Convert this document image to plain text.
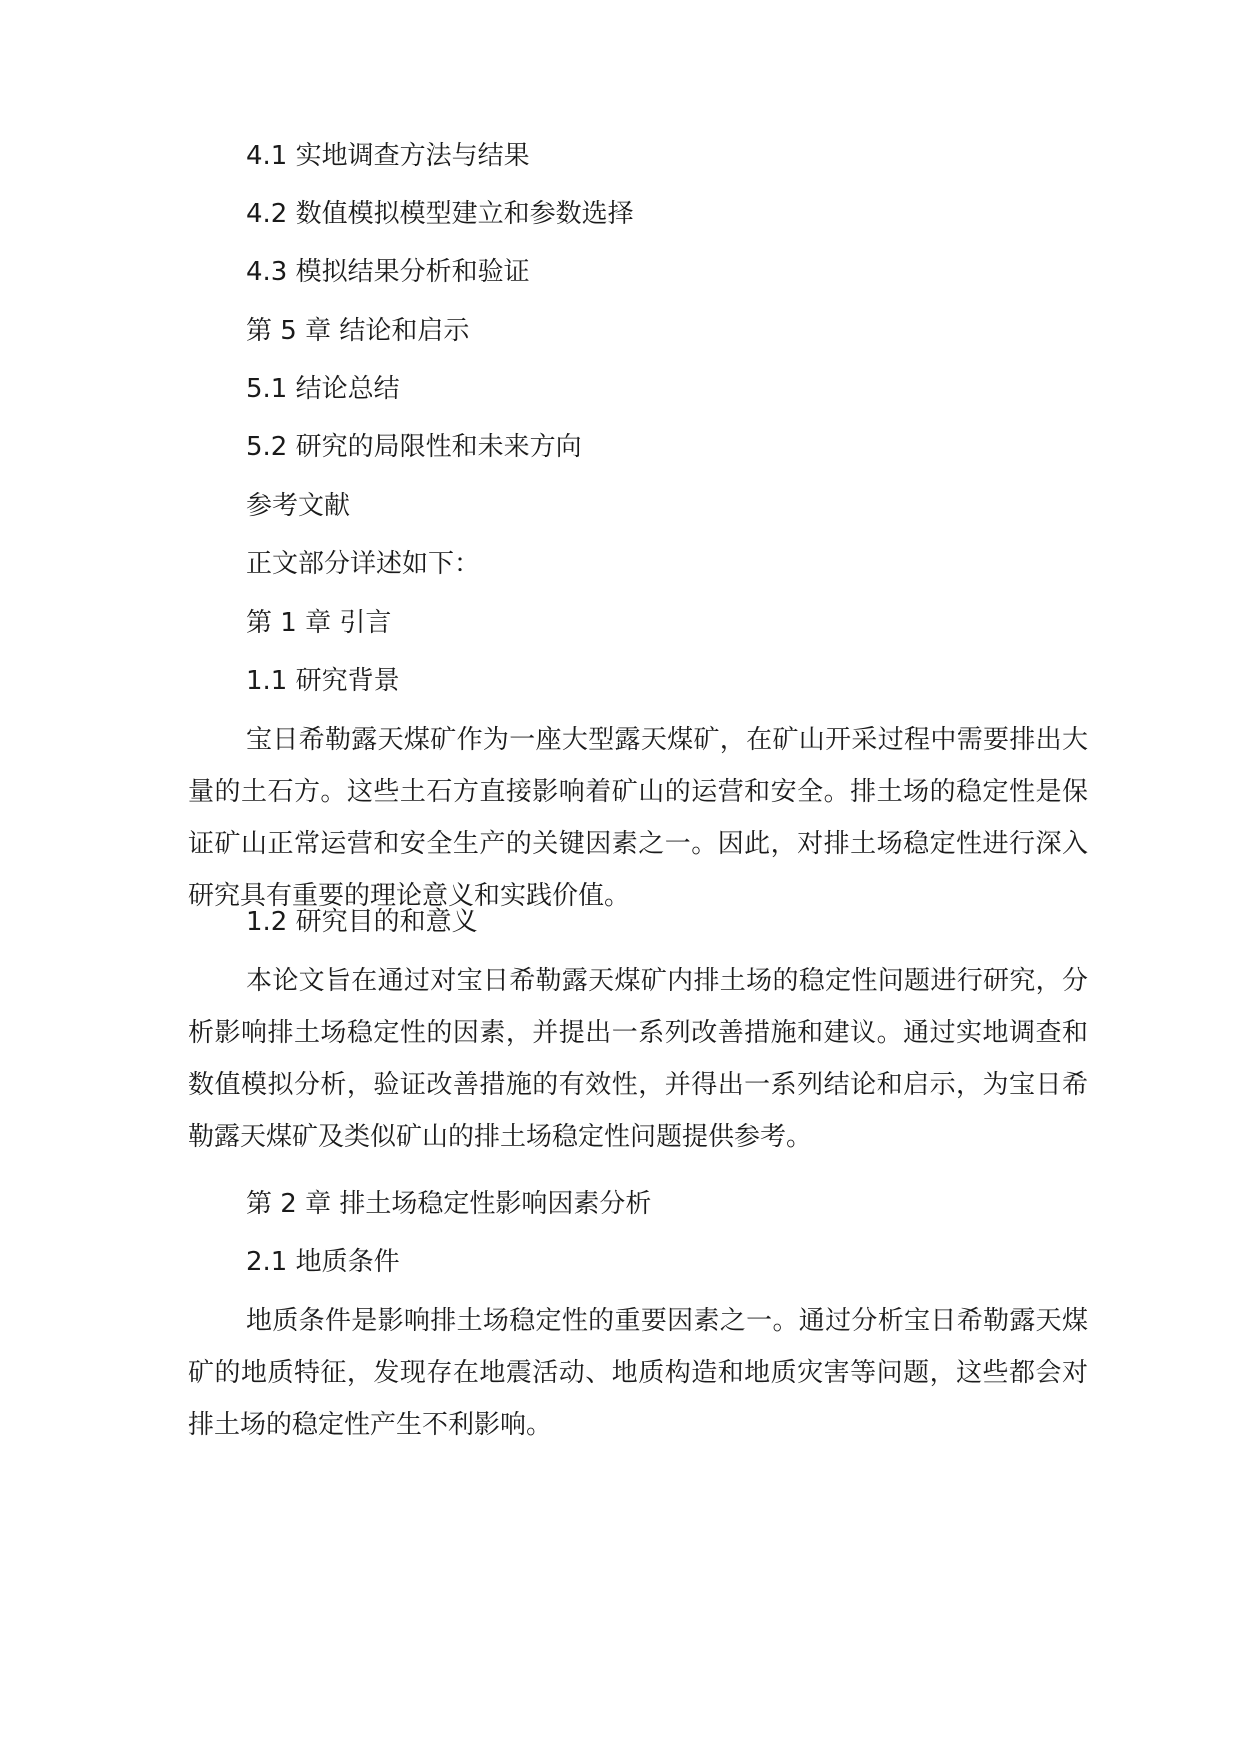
4.1 实地调查方法与结果

4.2 数值模拟模型建立和参数选择

4.3 模拟结果分析和验证

第 5 章 结论和启示

5.1 结论总结

5.2 研究的局限性和未来方向

参考文献

正文部分详述如下：

第 1 章 引言

1.1 研究背景

宝日希勒露天煤矿作为一座大型露天煤矿，在矿山开采过程中需要排出大量的土石方。这些土石方直接影响着矿山的运营和安全。排土场的稳定性是保证矿山正常运营和安全生产的关键因素之一。因此，对排土场稳定性进行深入研究具有重要的理论意义和实践价值。

1.2 研究目的和意义

本论文旨在通过对宝日希勒露天煤矿内排土场的稳定性问题进行研究，分析影响排土场稳定性的因素，并提出一系列改善措施和建议。通过实地调查和数值模拟分析，验证改善措施的有效性，并得出一系列结论和启示，为宝日希勒露天煤矿及类似矿山的排土场稳定性问题提供参考。

第 2 章 排土场稳定性影响因素分析

2.1 地质条件

地质条件是影响排土场稳定性的重要因素之一。通过分析宝日希勒露天煤矿的地质特征，发现存在地震活动、地质构造和地质灾害等问题，这些都会对排土场的稳定性产生不利影响。
